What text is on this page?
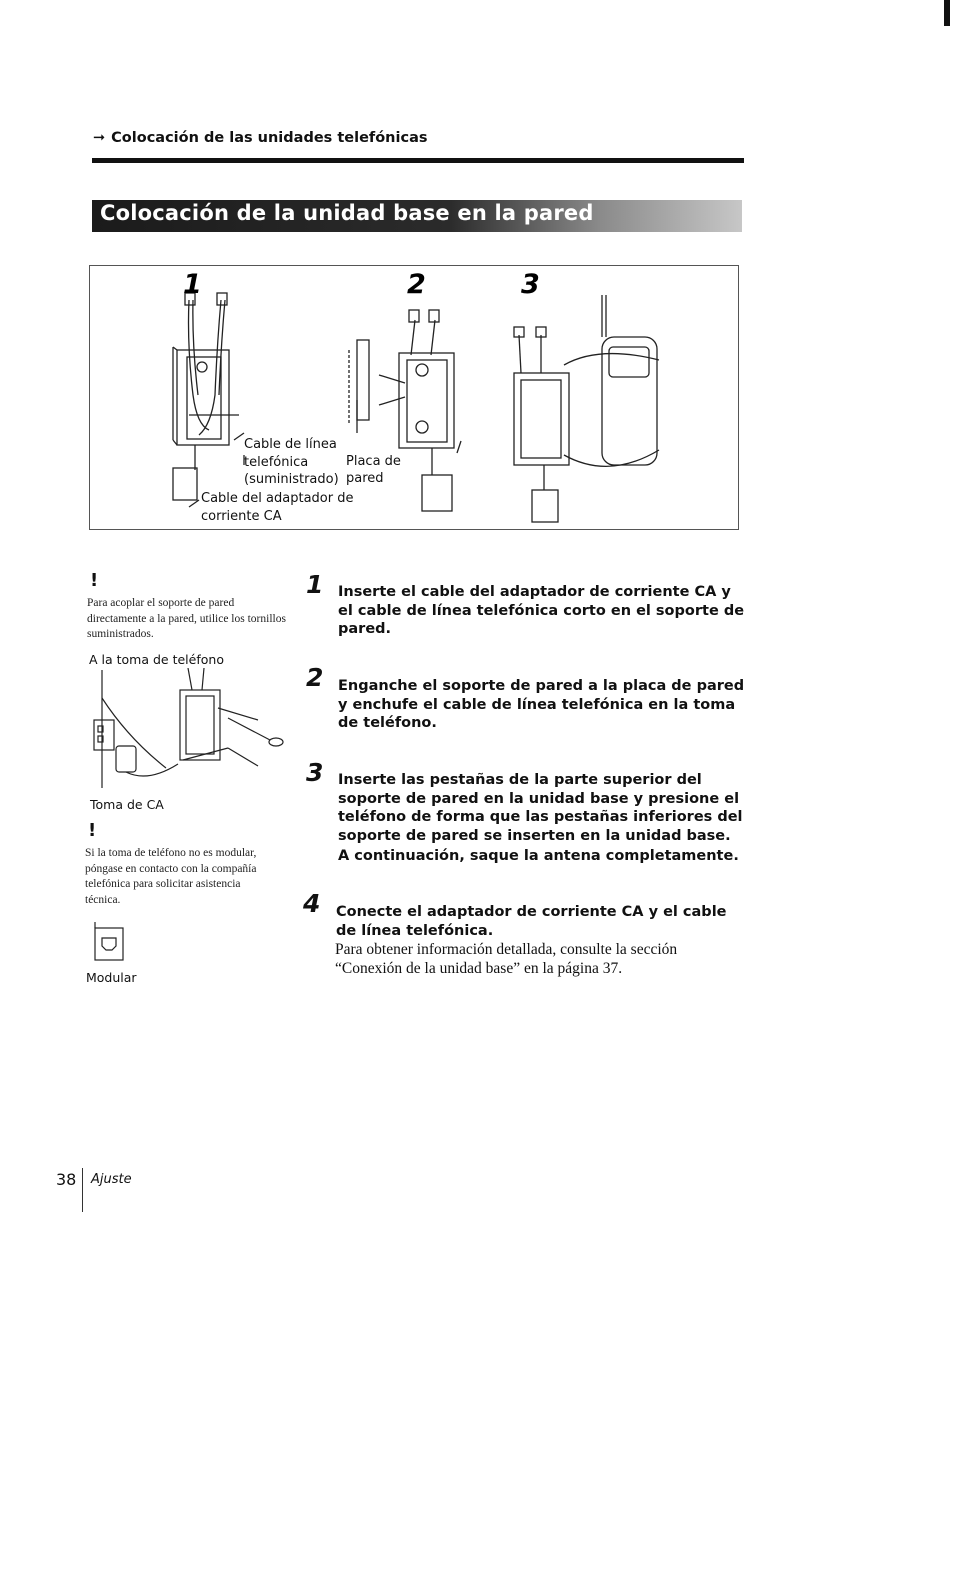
➞ Colocación de las unidades telefónicas
Colocación de la unidad base en la pared
1	2	3
Cable de línea
telefónica
(suministrado)
Placa de
pared
Cable del adaptador de
corriente CA
!
Para acoplar el soporte de pared directamente a la pared, utilice los tornillos suministrados.
A la toma de teléfono
Toma de CA
!
Si la toma de teléfono no es modular, póngase en contacto con la compañía telefónica para solicitar asistencia técnica.
Modular
1 Inserte el cable del adaptador de corriente CA y el cable de línea telefónica corto en el soporte de pared.
2 Enganche el soporte de pared a la placa de pared y enchufe el cable de línea telefónica en la toma de teléfono.
3 Inserte las pestañas de la parte superior del soporte de pared en la unidad base y presione el teléfono de forma que las pestañas inferiores del soporte de pared se inserten en la unidad base.
A continuación, saque la antena completamente.
4 Conecte el adaptador de corriente CA y el cable de línea telefónica.
Para obtener información detallada, consulte la sección “Conexión de la unidad base” en la página 37.
38 Ajuste
